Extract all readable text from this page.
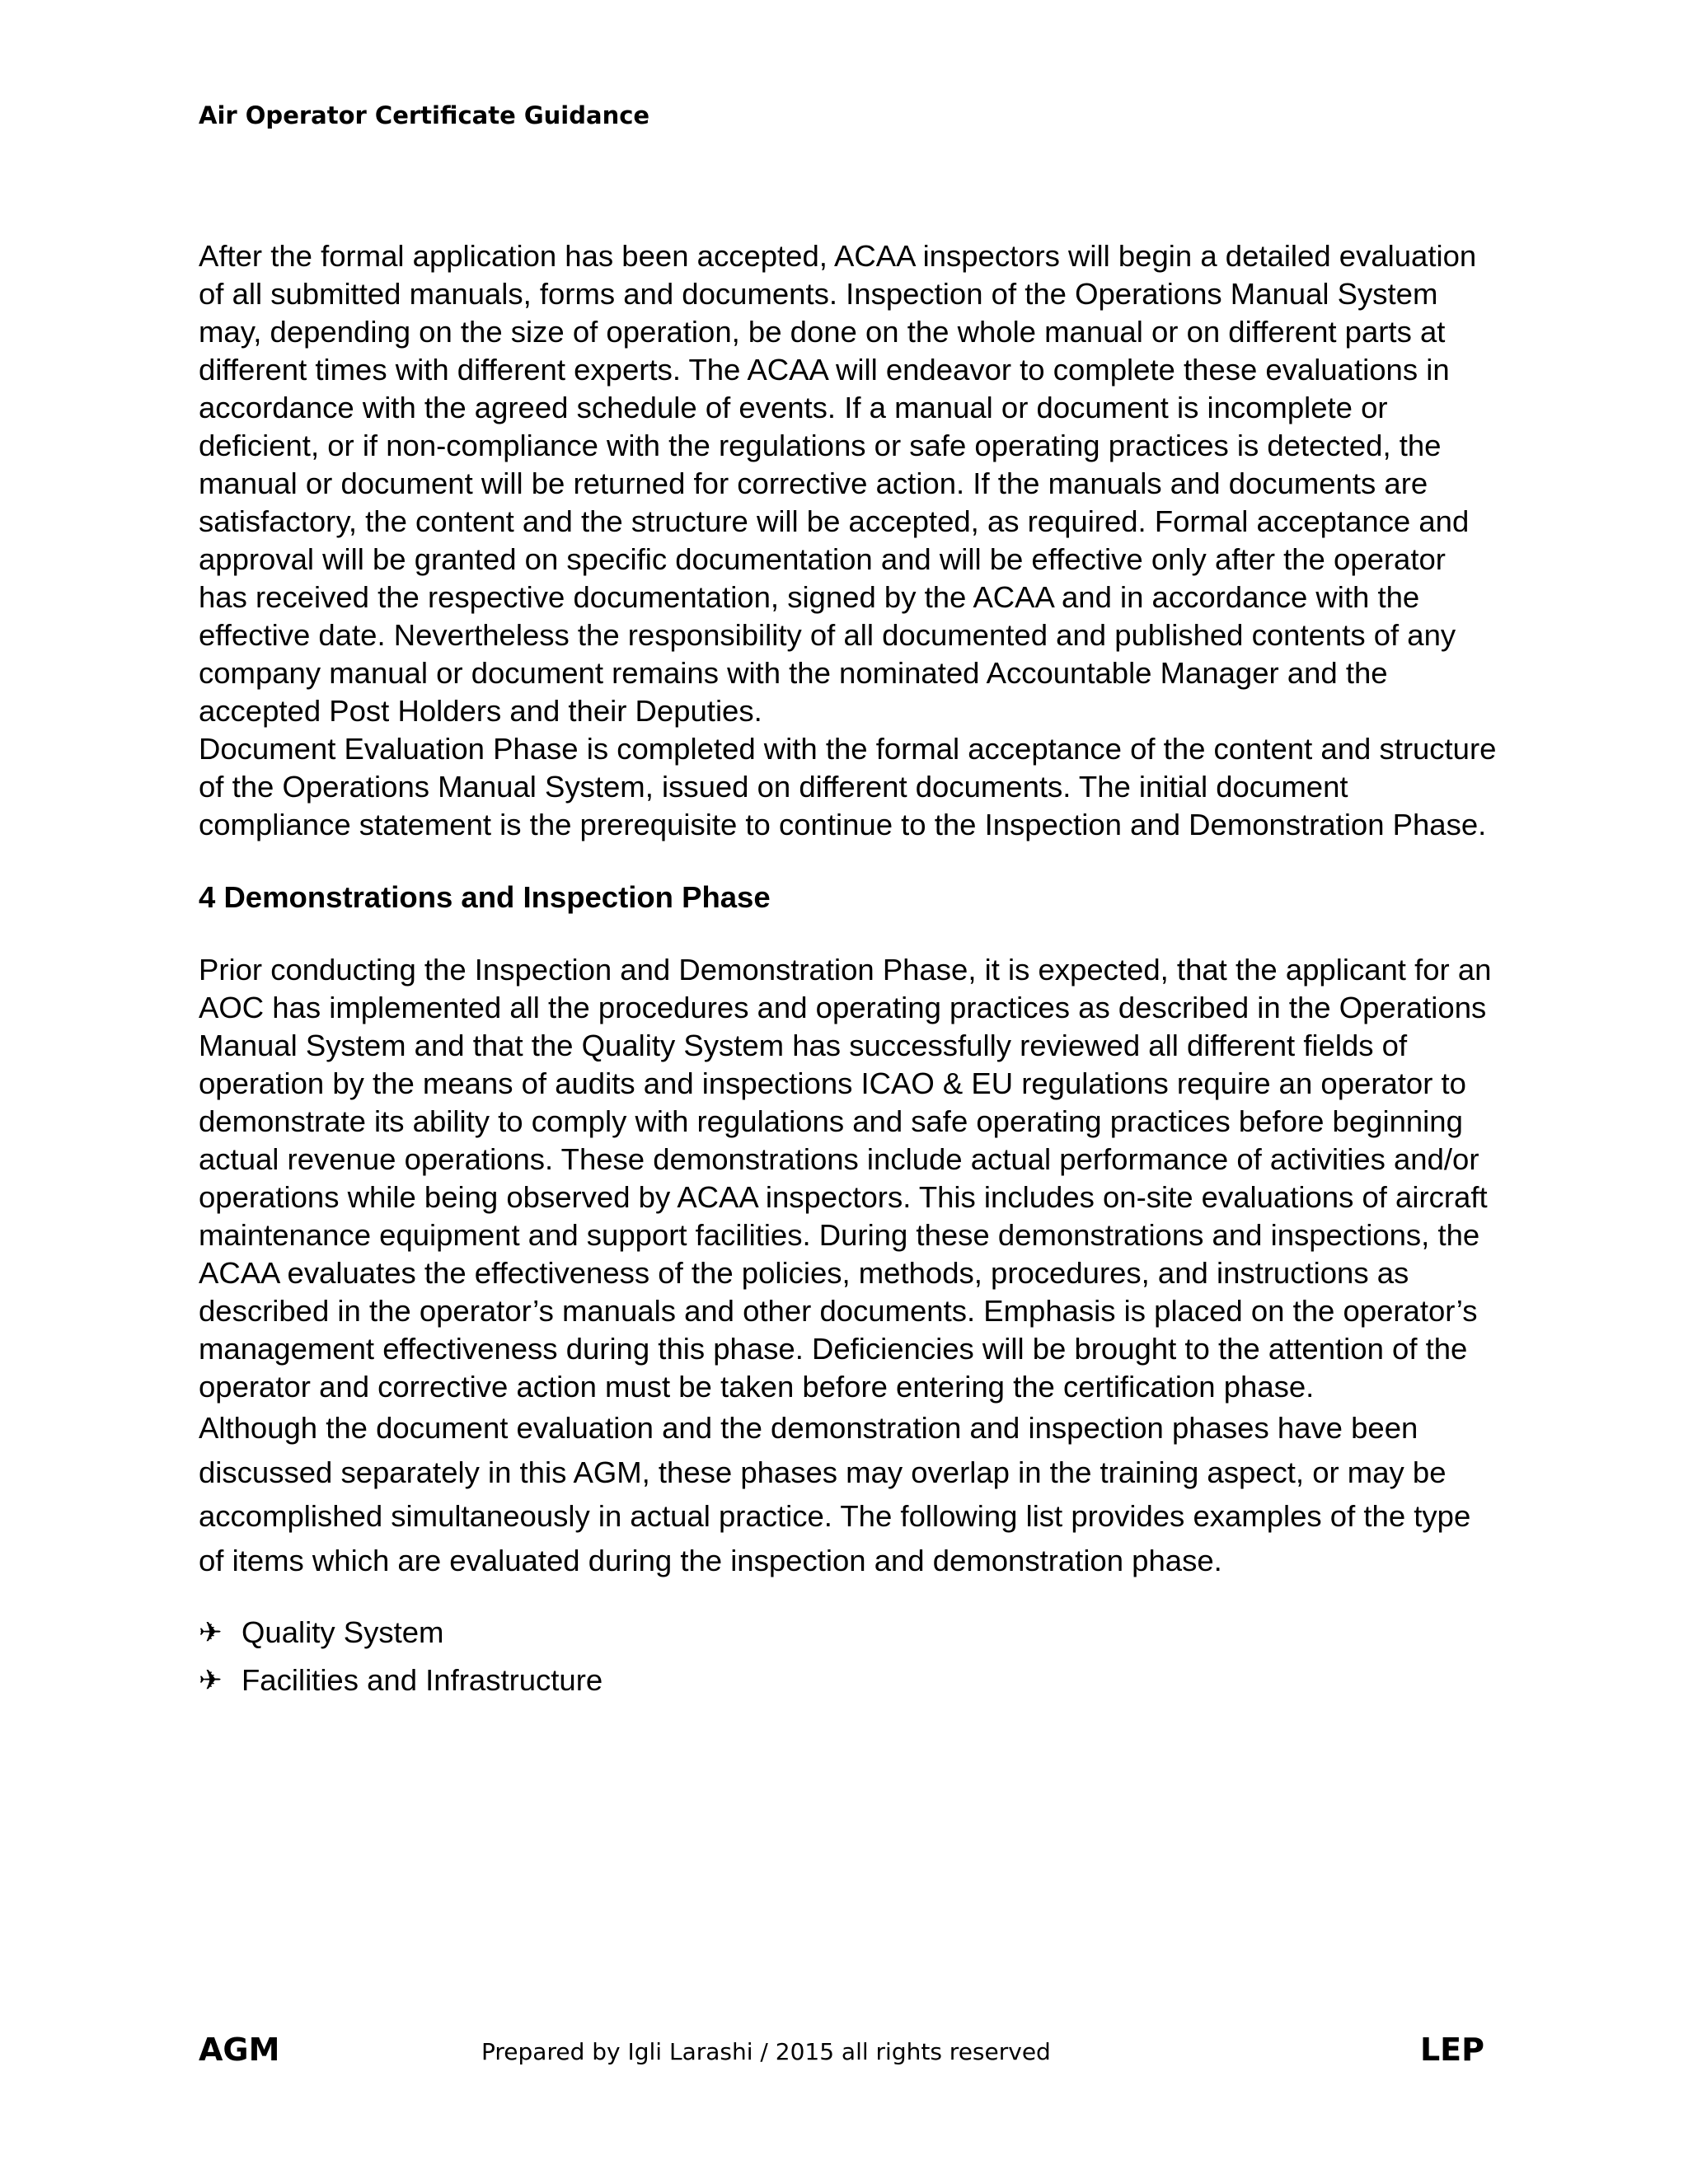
Air Operator Certificate Guidance

After the formal application has been accepted, ACAA inspectors will begin a detailed evaluation of all submitted manuals, forms and documents. Inspection of the Operations Manual System may, depending on the size of operation, be done on the whole manual or on different parts at different times with different experts. The ACAA will endeavor to complete these evaluations in accordance with the agreed schedule of events. If a manual or document is incomplete or deficient, or if non-compliance with the regulations or safe operating practices is detected, the manual or document will be returned for corrective action. If the manuals and documents are satisfactory, the content and the structure will be accepted, as required. Formal acceptance and approval will be granted on specific documentation and will be effective only after the operator has received the respective documentation, signed by the ACAA and in accordance with the effective date. Nevertheless the responsibility of all documented and published contents of any company manual or document remains with the nominated Accountable Manager and the accepted Post Holders and their Deputies.

Document Evaluation Phase is completed with the formal acceptance of the content and structure of the Operations Manual System, issued on different documents. The initial document compliance statement is the prerequisite to continue to the Inspection and Demonstration Phase.

4 Demonstrations and Inspection Phase

Prior conducting the Inspection and Demonstration Phase, it is expected, that the applicant for an AOC has implemented all the procedures and operating practices as described in the Operations Manual System and that the Quality System has successfully reviewed all different fields of operation by the means of audits and inspections ICAO & EU regulations require an operator to demonstrate its ability to comply with regulations and safe operating practices before beginning actual revenue operations. These demonstrations include actual performance of activities and/or operations while being observed by ACAA inspectors. This includes on-site evaluations of aircraft maintenance equipment and support facilities. During these demonstrations and inspections, the ACAA evaluates the effectiveness of the policies, methods, procedures, and instructions as described in the operator’s manuals and other documents. Emphasis is placed on the operator’s management effectiveness during this phase. Deficiencies will be brought to the attention of the operator and corrective action must be taken before entering the certification phase.

Although the document evaluation and the demonstration and inspection phases have been discussed separately in this AGM, these phases may overlap in the training aspect, or may be accomplished simultaneously in actual practice. The following list provides examples of the type of items which are evaluated during the inspection and demonstration phase.

✈ Quality System
✈ Facilities and Infrastructure
AGM	Prepared by Igli Larashi / 2015 all rights reserved	LEP
